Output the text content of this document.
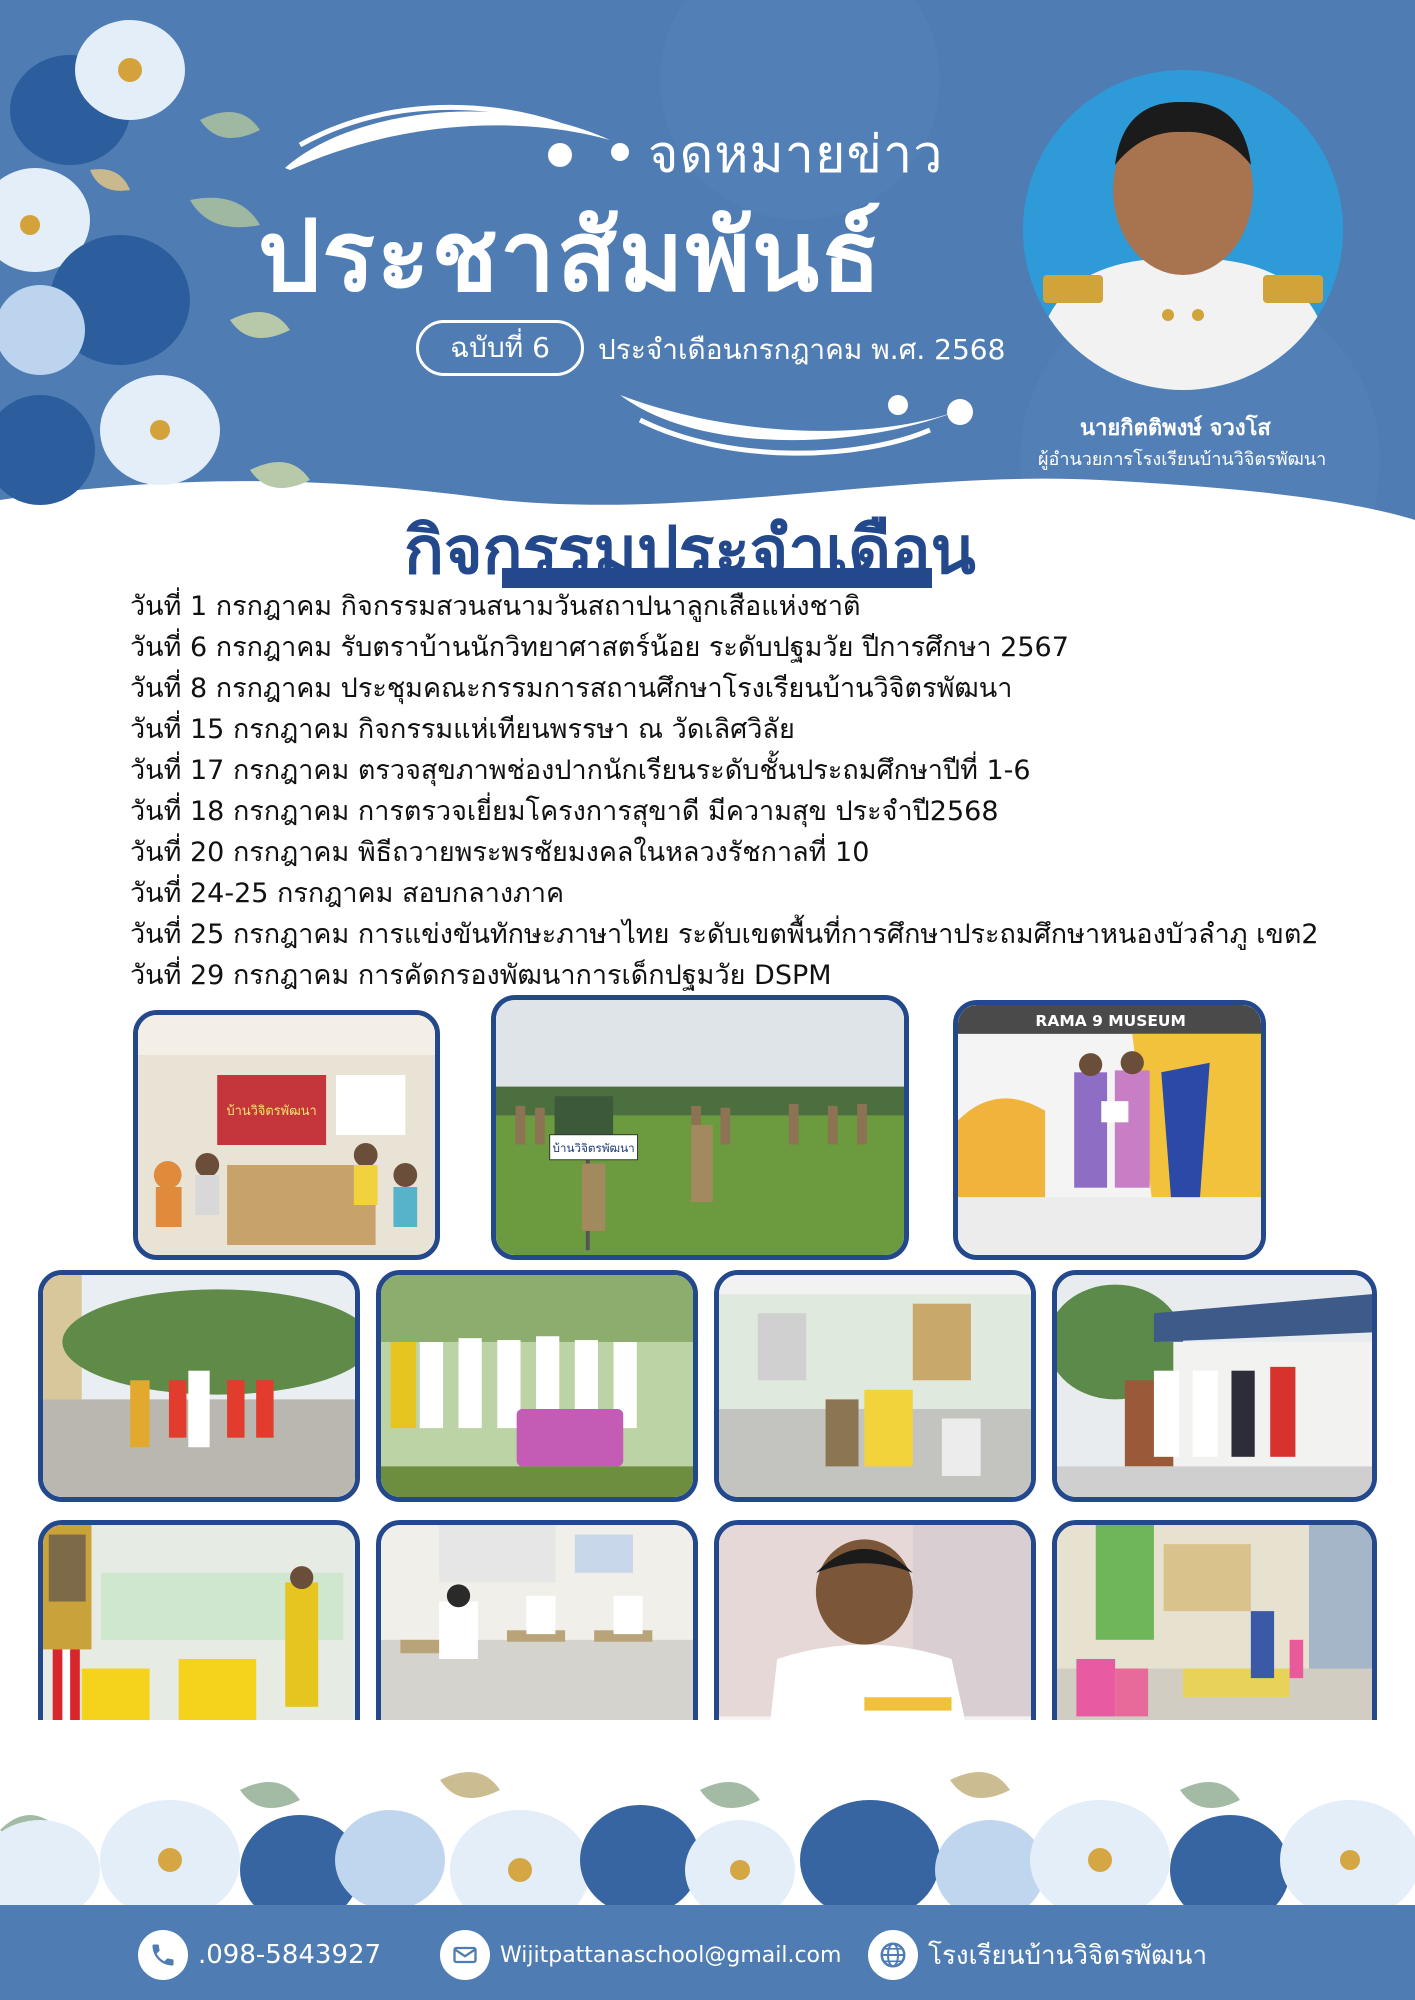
จดหมายข่าว
ประชาสัมพันธ์
ฉบับที่ 6	ประจำเดือนกรกฎาคม พ.ศ. 2568
นายกิตติพงษ์ จวงโส
ผู้อำนวยการโรงเรียนบ้านวิจิตรพัฒนา
กิจกรรมประจำเดือน
วันที่ 1 กรกฎาคม กิจกรรมสวนสนามวันสถาปนาลูกเสือแห่งชาติ
วันที่ 6 กรกฎาคม รับตราบ้านนักวิทยาศาสตร์น้อย ระดับปฐมวัย ปีการศึกษา 2567
วันที่ 8 กรกฎาคม ประชุมคณะกรรมการสถานศึกษาโรงเรียนบ้านวิจิตรพัฒนา
วันที่ 15 กรกฎาคม กิจกรรมแห่เทียนพรรษา ณ วัดเลิศวิลัย
วันที่ 17 กรกฎาคม ตรวจสุขภาพช่องปากนักเรียนระดับชั้นประถมศึกษาปีที่ 1-6
วันที่ 18 กรกฎาคม การตรวจเยี่ยมโครงการสุขาดี มีความสุข ประจำปี2568
วันที่ 20 กรกฎาคม พิธีถวายพระพรชัยมงคลในหลวงรัชกาลที่ 10
วันที่ 24-25 กรกฎาคม สอบกลางภาค
วันที่ 25 กรกฎาคม การแข่งขันทักษะภาษาไทย ระดับเขตพื้นที่การศึกษาประถมศึกษาหนองบัวลำภู เขต2
วันที่ 29 กรกฎาคม การคัดกรองพัฒนาการเด็กปฐมวัย DSPM
บ้านวิจิตรพัฒนา
บ้านวิจิตรพัฒนา
RAMA 9 MUSEUM
.098-5843927	Wijitpattanaschool@gmail.com	โรงเรียนบ้านวิจิตรพัฒนา
